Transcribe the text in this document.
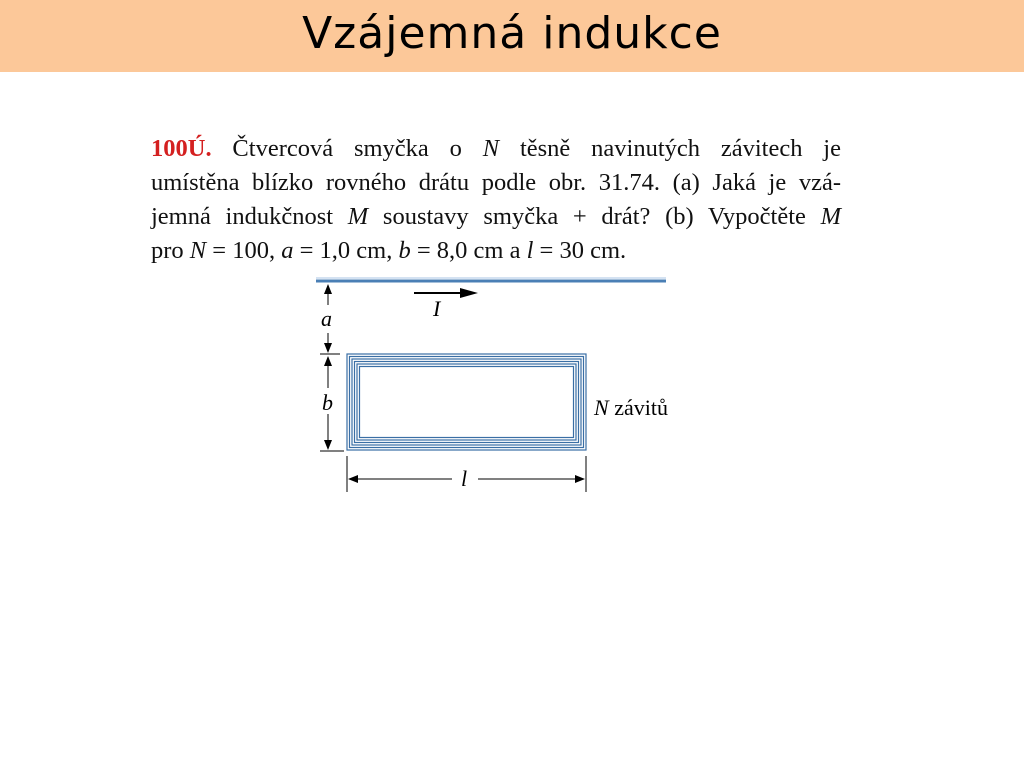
Vzájemná indukce
100Ú. Čtvercová smyčka o N těsně navinutých závitech je
umístěna blízko rovného drátu podle obr. 31.74. (a) Jaká je vzá-
jemná indukčnost M soustavy smyčka + drát? (b) Vypočtěte M
pro N = 100, a = 1,0 cm, b = 8,0 cm a l = 30 cm.
I
a
b	N závitů
l
